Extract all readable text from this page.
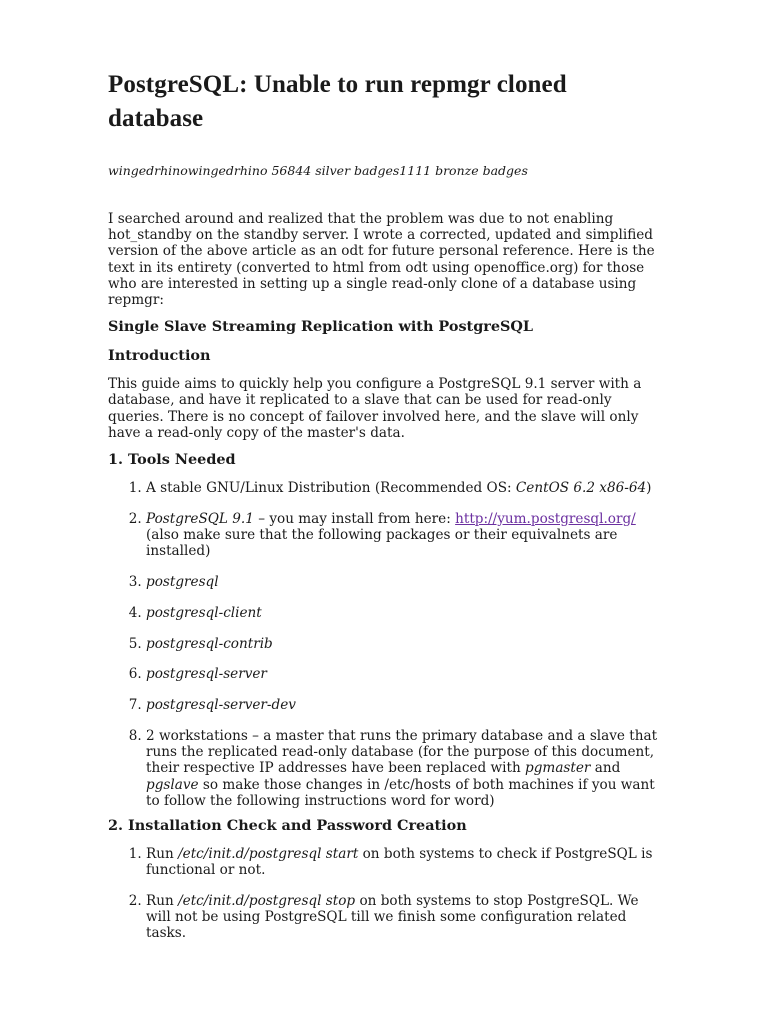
PostgreSQL: Unable to run repmgr cloned database
wingedrhinowingedrhino 56844 silver badges1111 bronze badges

I searched around and realized that the problem was due to not enabling hot_standby on the standby server. I wrote a corrected, updated and simplified version of the above article as an odt for future personal reference. Here is the text in its entirety (converted to html from odt using openoffice.org) for those who are interested in setting up a single read-only clone of a database using repmgr:

Single Slave Streaming Replication with PostgreSQL
Introduction

This guide aims to quickly help you configure a PostgreSQL 9.1 server with a database, and have it replicated to a slave that can be used for read-only queries. There is no concept of failover involved here, and the slave will only have a read-only copy of the master's data.

1. Tools Needed
1. A stable GNU/Linux Distribution (Recommended OS: CentOS 6.2 x86-64)
2. PostgreSQL 9.1 – you may install from here: http://yum.postgresql.org/ (also make sure that the following packages or their equivalnets are installed)
3. postgresql
4. postgresql-client
5. postgresql-contrib
6. postgresql-server
7. postgresql-server-dev
8. 2 workstations – a master that runs the primary database and a slave that runs the replicated read-only database (for the purpose of this document, their respective IP addresses have been replaced with pgmaster and pgslave so make those changes in /etc/hosts of both machines if you want to follow the following instructions word for word)
2. Installation Check and Password Creation
1. Run /etc/init.d/postgresql start on both systems to check if PostgreSQL is functional or not.
2. Run /etc/init.d/postgresql stop on both systems to stop PostgreSQL. We will not be using PostgreSQL till we finish some configuration related tasks.
